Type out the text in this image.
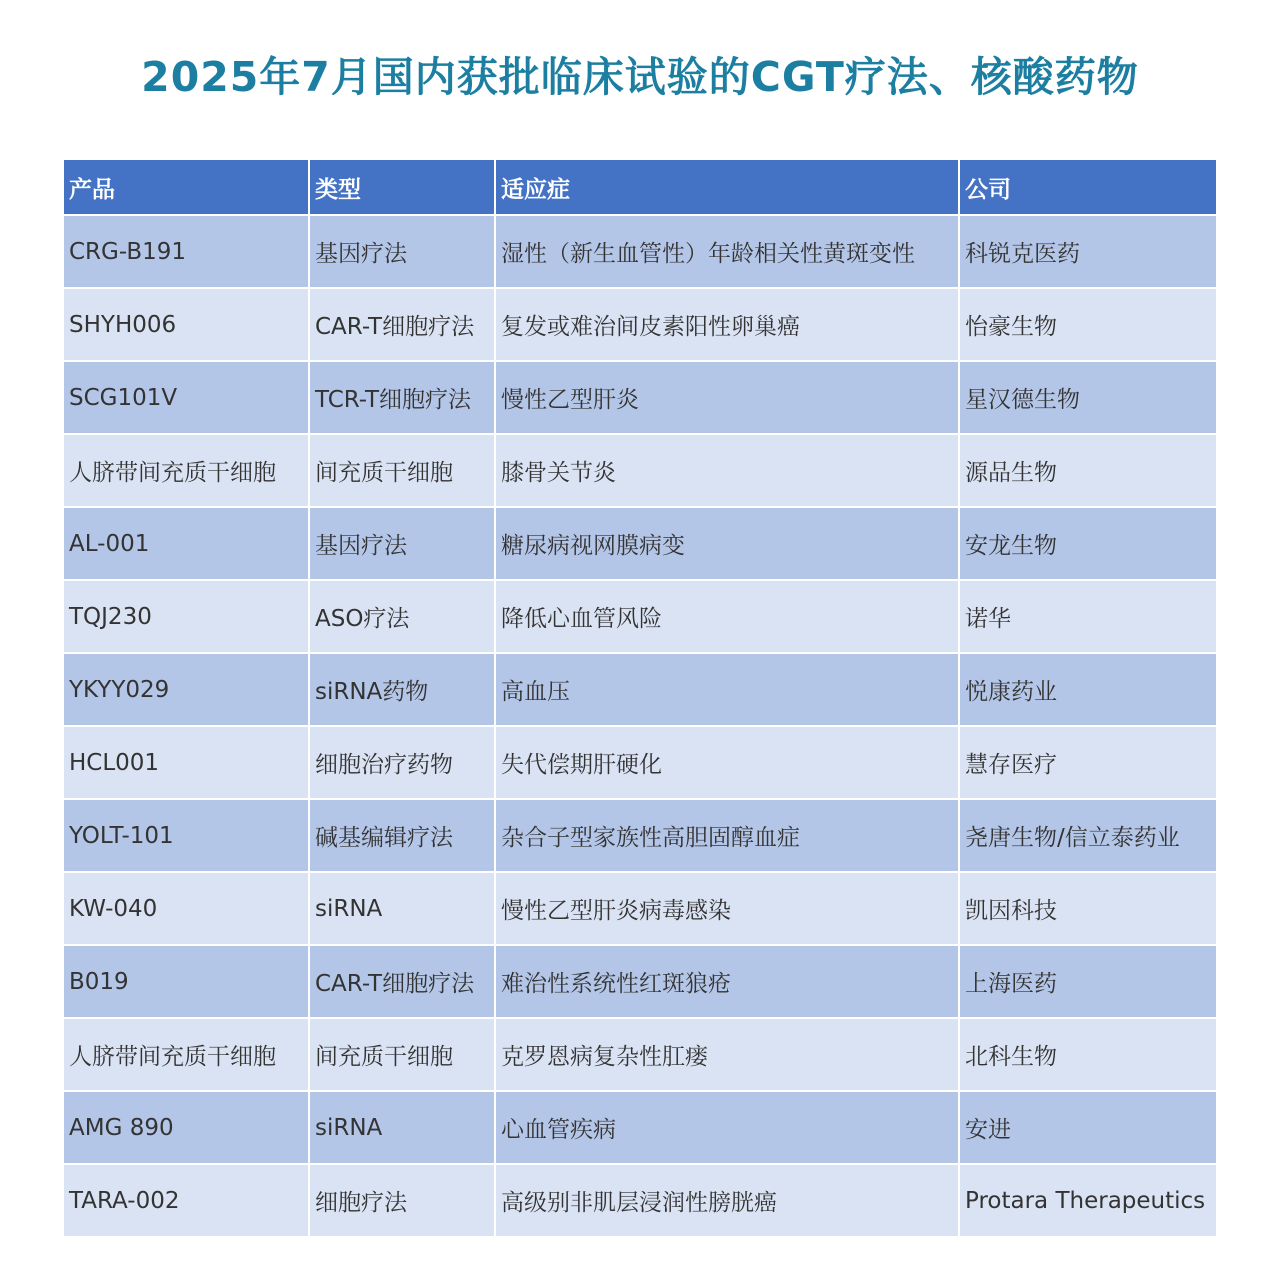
2025年7月国内获批临床试验的CGT疗法、核酸药物
产品	类型	适应症	公司
CRG-B191	基因疗法	湿性（新生血管性）年龄相关性黄斑变性	科锐克医药
SHYH006	CAR-T细胞疗法	复发或难治间皮素阳性卵巢癌	怡豪生物
SCG101V	TCR-T细胞疗法	慢性乙型肝炎	星汉德生物
人脐带间充质干细胞	间充质干细胞	膝骨关节炎	源品生物
AL-001	基因疗法	糖尿病视网膜病变	安龙生物
TQJ230	ASO疗法	降低心血管风险	诺华
YKYY029	siRNA药物	高血压	悦康药业
HCL001	细胞治疗药物	失代偿期肝硬化	慧存医疗
YOLT-101	碱基编辑疗法	杂合子型家族性高胆固醇血症	尧唐生物/信立泰药业
KW-040	siRNA	慢性乙型肝炎病毒感染	凯因科技
B019	CAR-T细胞疗法	难治性系统性红斑狼疮	上海医药
人脐带间充质干细胞	间充质干细胞	克罗恩病复杂性肛瘘	北科生物
AMG 890	siRNA	心血管疾病	安进
TARA-002	细胞疗法	高级别非肌层浸润性膀胱癌	Protara Therapeutics
